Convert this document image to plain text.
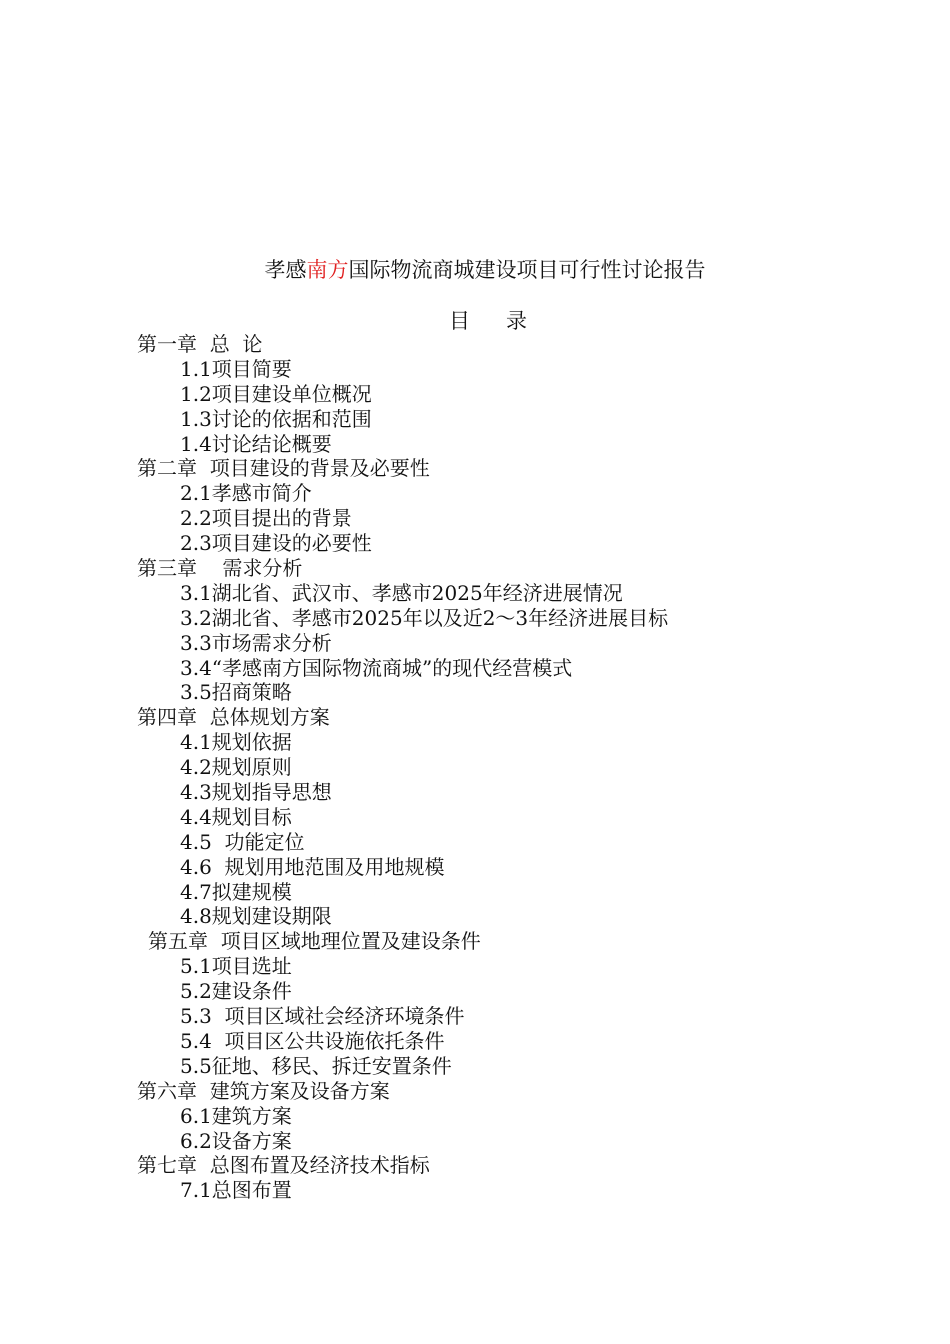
孝感南方国际物流商城建设项目可行性讨论报告
目 录
第一章  总  论
1.1项目简要
1.2项目建设单位概况
1.3讨论的依据和范围
1.4讨论结论概要
第二章  项目建设的背景及必要性
2.1孝感市简介
2.2项目提出的背景
2.3项目建设的必要性
第三章    需求分析
3.1湖北省、武汉市、孝感市2025年经济进展情况
3.2湖北省、孝感市2025年以及近2～3年经济进展目标
3.3市场需求分析
3.4“孝感南方国际物流商城”的现代经营模式
3.5招商策略
第四章  总体规划方案
4.1规划依据
4.2规划原则
4.3规划指导思想
4.4规划目标
4.5  功能定位
4.6  规划用地范围及用地规模
4.7拟建规模
4.8规划建设期限
第五章  项目区域地理位置及建设条件
5.1项目选址
5.2建设条件
5.3  项目区域社会经济环境条件
5.4  项目区公共设施依托条件
5.5征地、移民、拆迁安置条件
第六章  建筑方案及设备方案
6.1建筑方案
6.2设备方案
第七章  总图布置及经济技术指标
7.1总图布置
